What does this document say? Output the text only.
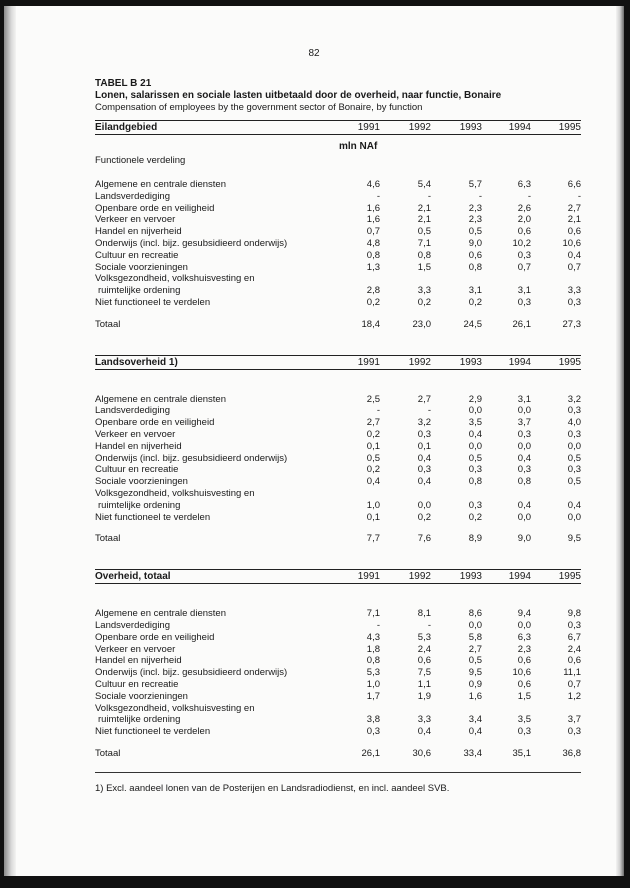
82
TABEL B 21
Lonen, salarissen en sociale lasten uitbetaald door de overheid, naar functie, Bonaire
Compensation of employees by the government sector of Bonaire, by function
Eilandgebied	1991	1992	1993	1994	1995
mln NAf
Functionele verdeling
Algemene en centrale diensten	4,6	5,4	5,7	6,3	6,6
Landsverdediging	-	-	-	-	-
Openbare orde en veiligheid	1,6	2,1	2,3	2,6	2,7
Verkeer en vervoer	1,6	2,1	2,3	2,0	2,1
Handel en nijverheid	0,7	0,5	0,5	0,6	0,6
Onderwijs (incl. bijz. gesubsidieerd onderwijs)	4,8	7,1	9,0	10,2	10,6
Cultuur en recreatie	0,8	0,8	0,6	0,3	0,4
Sociale voorzieningen	1,3	1,5	0,8	0,7	0,7
Volksgezondheid, volkshuisvesting en
ruimtelijke ordening	2,8	3,3	3,1	3,1	3,3
Niet functioneel te verdelen	0,2	0,2	0,2	0,3	0,3
Totaal	18,4	23,0	24,5	26,1	27,3
Landsoverheid 1)	1991	1992	1993	1994	1995
Algemene en centrale diensten	2,5	2,7	2,9	3,1	3,2
Landsverdediging	-	-	0,0	0,0	0,3
Openbare orde en veiligheid	2,7	3,2	3,5	3,7	4,0
Verkeer en vervoer	0,2	0,3	0,4	0,3	0,3
Handel en nijverheid	0,1	0,1	0,0	0,0	0,0
Onderwijs (incl. bijz. gesubsidieerd onderwijs)	0,5	0,4	0,5	0,4	0,5
Cultuur en recreatie	0,2	0,3	0,3	0,3	0,3
Sociale voorzieningen	0,4	0,4	0,8	0,8	0,5
Volksgezondheid, volkshuisvesting en
ruimtelijke ordening	1,0	0,0	0,3	0,4	0,4
Niet functioneel te verdelen	0,1	0,2	0,2	0,0	0,0
Totaal	7,7	7,6	8,9	9,0	9,5
Overheid, totaal	1991	1992	1993	1994	1995
Algemene en centrale diensten	7,1	8,1	8,6	9,4	9,8
Landsverdediging	-	-	0,0	0,0	0,3
Openbare orde en veiligheid	4,3	5,3	5,8	6,3	6,7
Verkeer en vervoer	1,8	2,4	2,7	2,3	2,4
Handel en nijverheid	0,8	0,6	0,5	0,6	0,6
Onderwijs (incl. bijz. gesubsidieerd onderwijs)	5,3	7,5	9,5	10,6	11,1
Cultuur en recreatie	1,0	1,1	0,9	0,6	0,7
Sociale voorzieningen	1,7	1,9	1,6	1,5	1,2
Volksgezondheid, volkshuisvesting en
ruimtelijke ordening	3,8	3,3	3,4	3,5	3,7
Niet functioneel te verdelen	0,3	0,4	0,4	0,3	0,3
Totaal	26,1	30,6	33,4	35,1	36,8
1) Excl. aandeel lonen van de Posterijen en Landsradiodienst, en incl. aandeel SVB.
